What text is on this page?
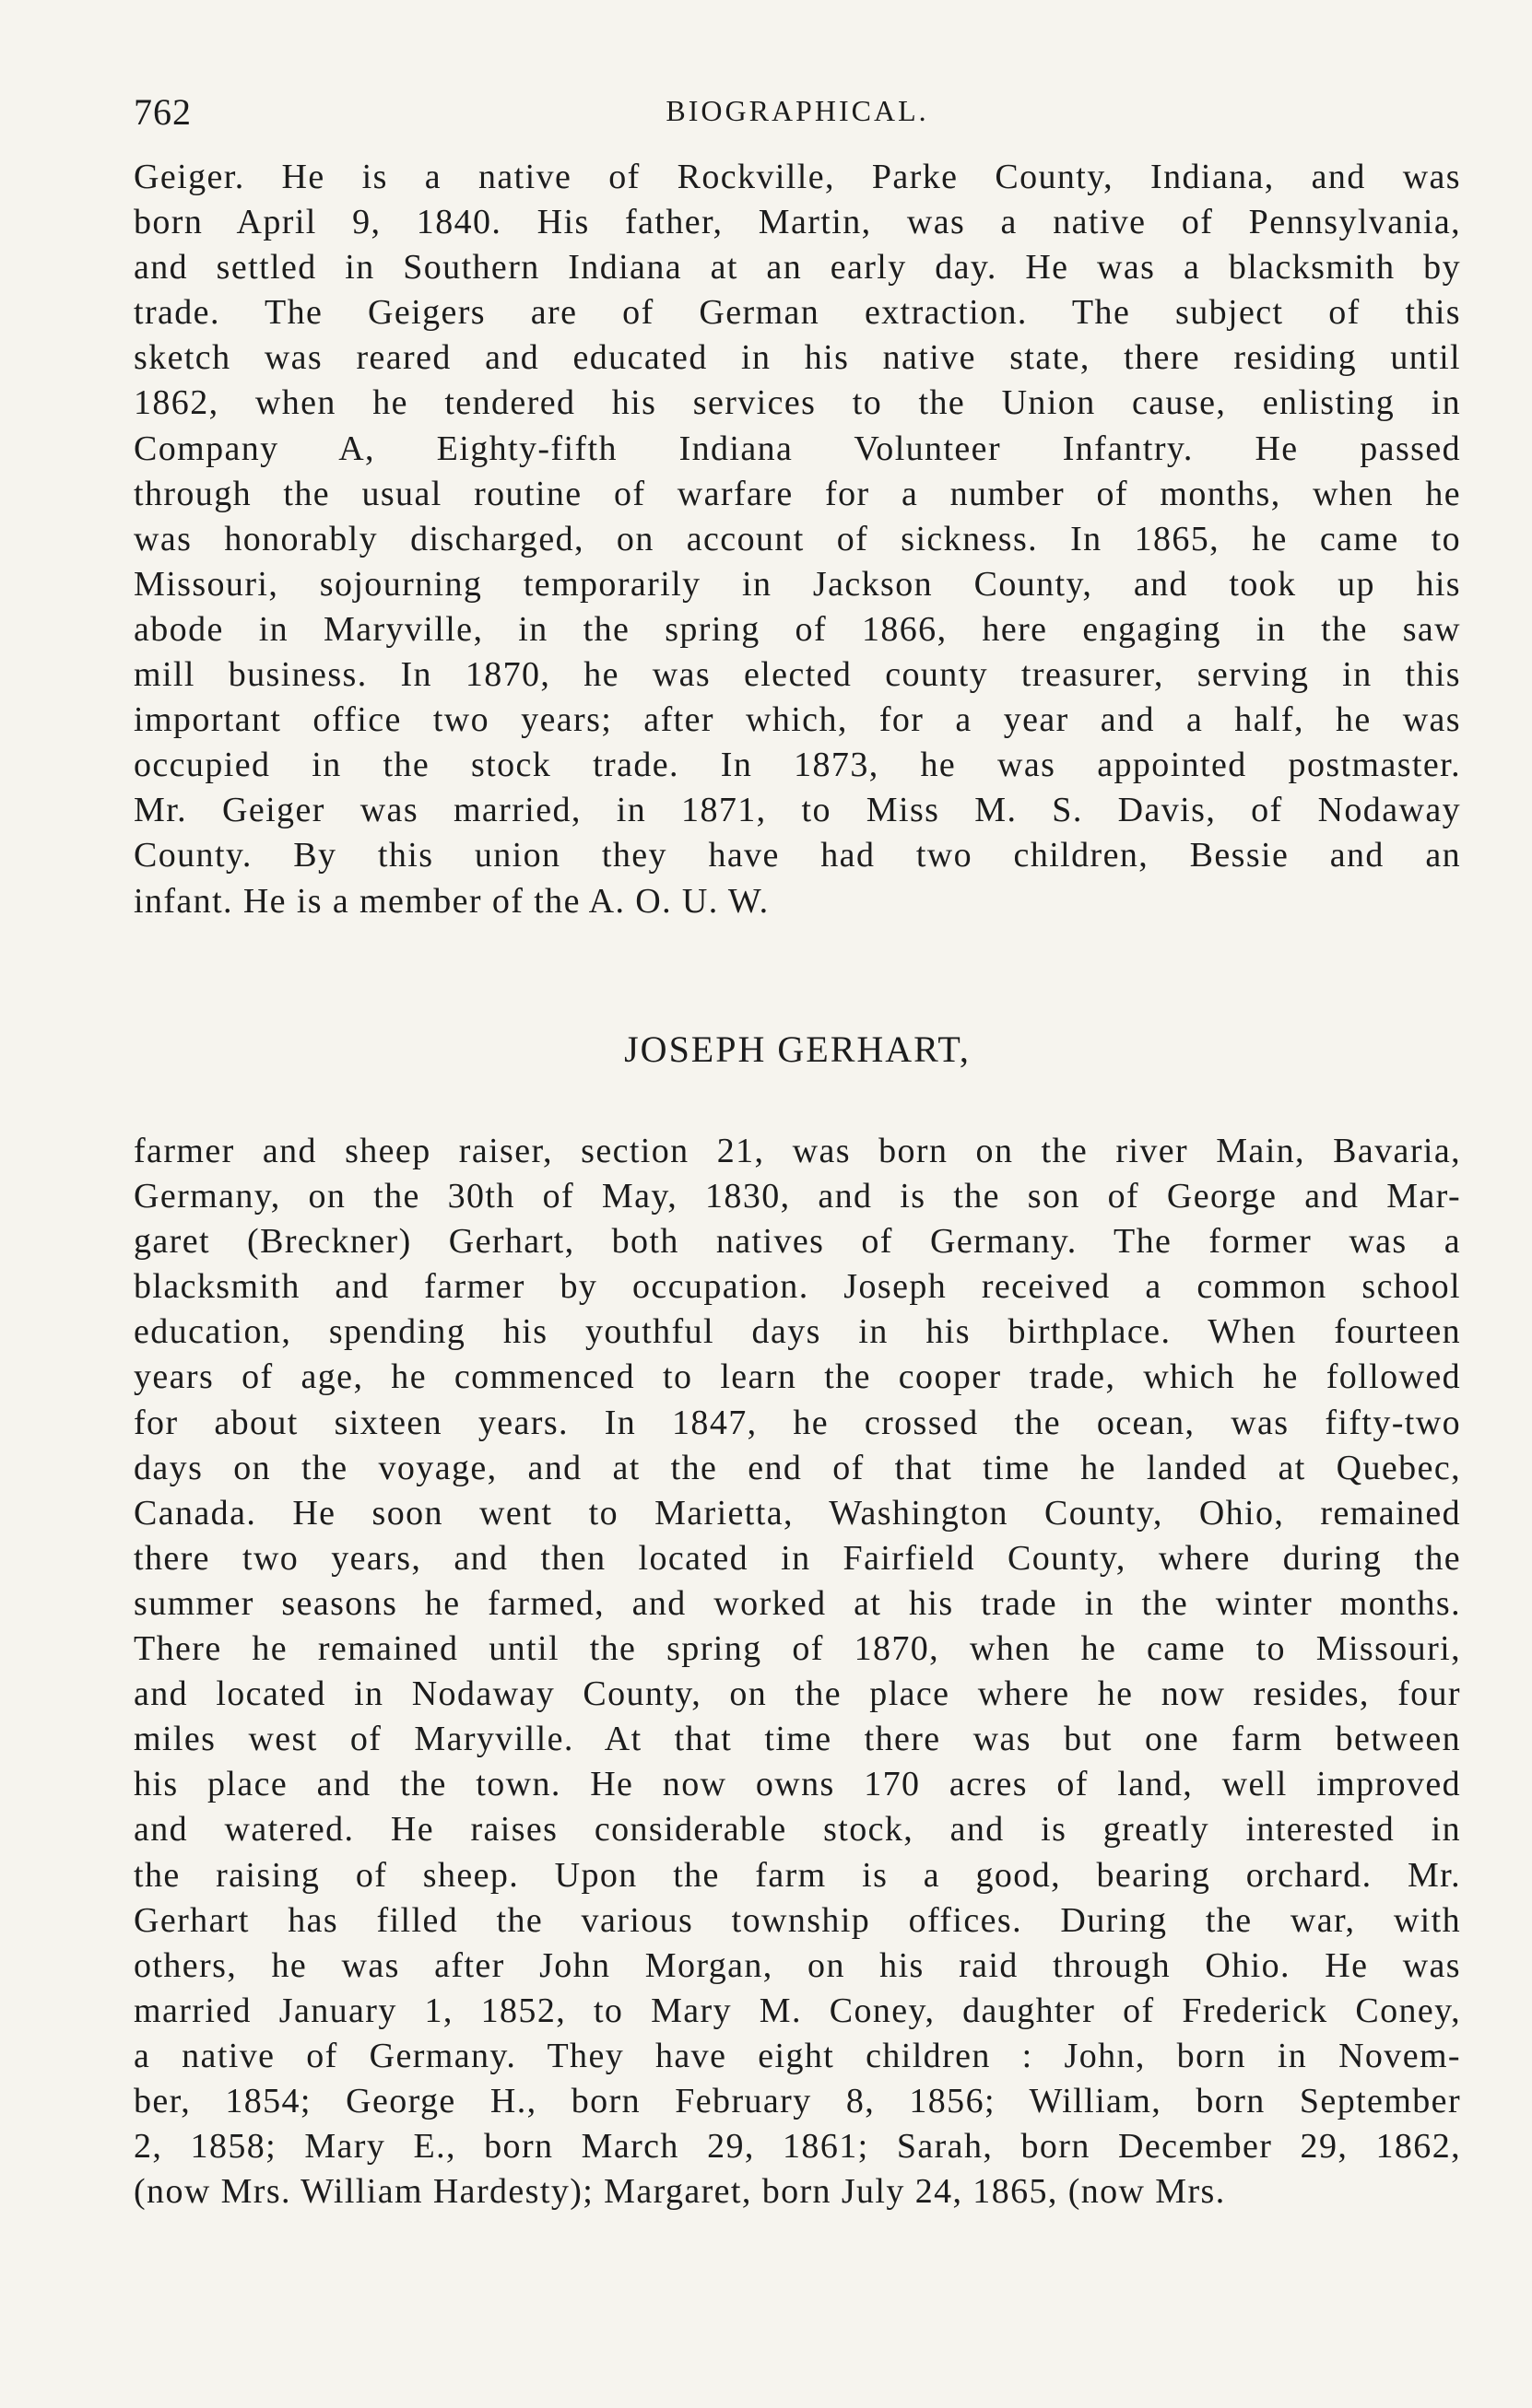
762	BIOGRAPHICAL.
Geiger. He is a native of Rockville, Parke County, Indiana, and was
born April 9, 1840. His father, Martin, was a native of Pennsylvania,
and settled in Southern Indiana at an early day. He was a blacksmith by
trade. The Geigers are of German extraction. The subject of this
sketch was reared and educated in his native state, there residing until
1862, when he tendered his services to the Union cause, enlisting in
Company A, Eighty-fifth Indiana Volunteer Infantry. He passed
through the usual routine of warfare for a number of months, when he
was honorably discharged, on account of sickness. In 1865, he came to
Missouri, sojourning temporarily in Jackson County, and took up his
abode in Maryville, in the spring of 1866, here engaging in the saw
mill business. In 1870, he was elected county treasurer, serving in this
important office two years; after which, for a year and a half, he was
occupied in the stock trade. In 1873, he was appointed postmaster.
Mr. Geiger was married, in 1871, to Miss M. S. Davis, of Nodaway
County. By this union they have had two children, Bessie and an
infant. He is a member of the A. O. U. W.
JOSEPH GERHART,
farmer and sheep raiser, section 21, was born on the river Main, Bavaria,
Germany, on the 30th of May, 1830, and is the son of George and Mar-
garet (Breckner) Gerhart, both natives of Germany. The former was a
blacksmith and farmer by occupation. Joseph received a common school
education, spending his youthful days in his birthplace. When fourteen
years of age, he commenced to learn the cooper trade, which he followed
for about sixteen years. In 1847, he crossed the ocean, was fifty-two
days on the voyage, and at the end of that time he landed at Quebec,
Canada. He soon went to Marietta, Washington County, Ohio, remained
there two years, and then located in Fairfield County, where during the
summer seasons he farmed, and worked at his trade in the winter months.
There he remained until the spring of 1870, when he came to Missouri,
and located in Nodaway County, on the place where he now resides, four
miles west of Maryville. At that time there was but one farm between
his place and the town. He now owns 170 acres of land, well improved
and watered. He raises considerable stock, and is greatly interested in
the raising of sheep. Upon the farm is a good, bearing orchard. Mr.
Gerhart has filled the various township offices. During the war, with
others, he was after John Morgan, on his raid through Ohio. He was
married January 1, 1852, to Mary M. Coney, daughter of Frederick Coney,
a native of Germany. They have eight children : John, born in Novem-
ber, 1854; George H., born February 8, 1856; William, born September
2, 1858; Mary E., born March 29, 1861; Sarah, born December 29, 1862,
(now Mrs. William Hardesty); Margaret, born July 24, 1865, (now Mrs.
